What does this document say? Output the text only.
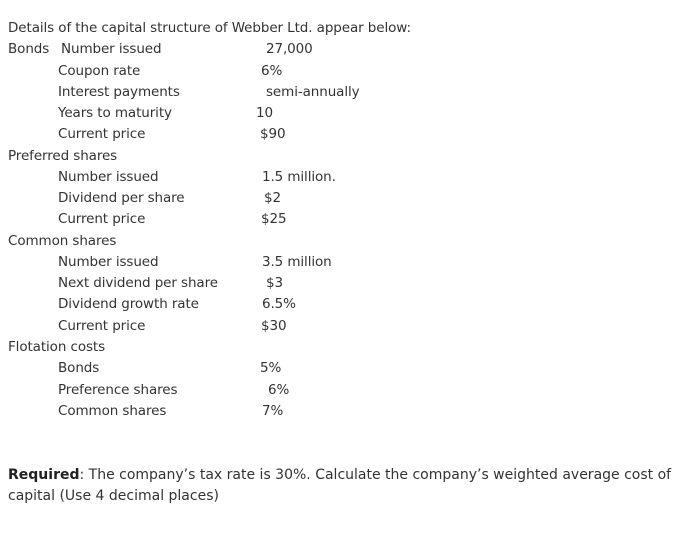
Details of the capital structure of Webber Ltd. appear below:
Bonds Number issued	27,000
Coupon rate	6%
Interest payments	semi-annually
Years to maturity	10
Current price	$90
Preferred shares
Number issued	1.5 million.
Dividend per share	$2
Current price	$25
Common shares
Number issued	3.5 million
Next dividend per share	$3
Dividend growth rate	6.5%
Current price	$30
Flotation costs
Bonds	5%
Preference shares	6%
Common shares	7%
Required: The company’s tax rate is 30%. Calculate the company’s weighted average cost of capital (Use 4 decimal places)
